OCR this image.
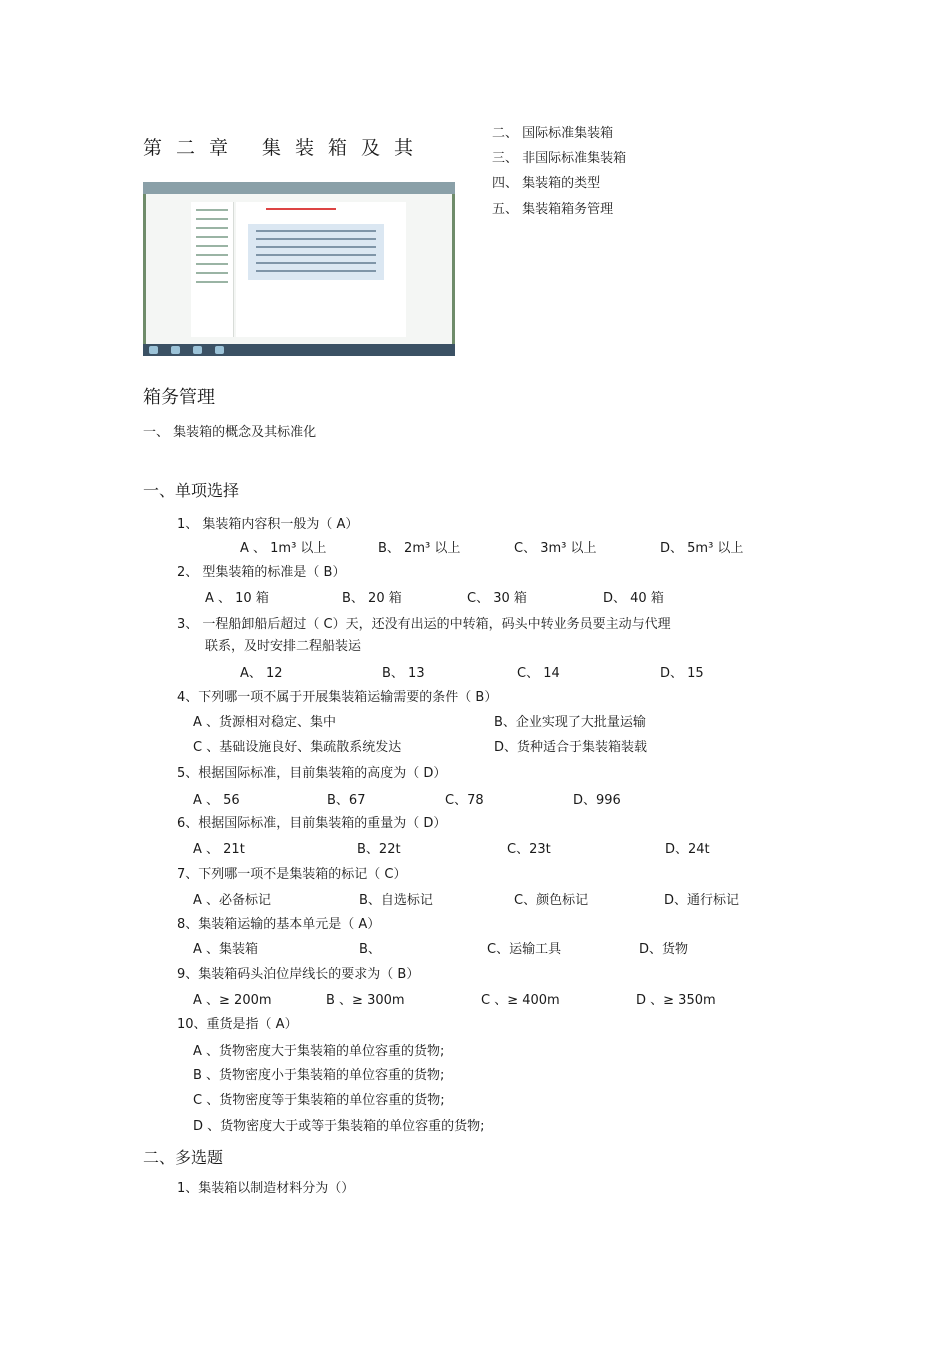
第二章 集装箱及其
二、 国际标准集装箱
三、 非国际标准集装箱
四、 集装箱的类型
五、 集装箱箱务管理
箱务管理
一、 集装箱的概念及其标准化
一、单项选择
1、 集装箱内容积一般为（ A）
A 、 1m³ 以上	B、 2m³ 以上	C、 3m³ 以上	D、 5m³ 以上
2、 型集装箱的标准是（ B）
A 、 10 箱	B、 20 箱	C、 30 箱	D、 40 箱
3、 一程船卸船后超过（ C）天，还没有出运的中转箱，码头中转业务员要主动与代理
联系，及时安排二程船装运
A、 12	B、 13	C、 14	D、 15
4、下列哪一项不属于开展集装箱运输需要的条件（ B）
A 、货源相对稳定、集中	B、企业实现了大批量运输
C 、基础设施良好、集疏散系统发达	D、货种适合于集装箱装载
5、根据国际标准，目前集装箱的高度为（ D）
A 、 56	B、67	C、78	D、996
6、根据国际标准，目前集装箱的重量为（ D）
A 、 21t	B、22t	C、23t	D、24t
7、下列哪一项不是集装箱的标记（ C）
A 、必备标记	B、自选标记	C、颜色标记	D、通行标记
8、集装箱运输的基本单元是（ A）
A 、集装箱	B、	C、运输工具	D、货物
9、集装箱码头泊位岸线长的要求为（ B）
A 、≥ 200m	B 、≥ 300m	C 、≥ 400m	D 、≥ 350m
10、重货是指（ A）
A 、货物密度大于集装箱的单位容重的货物;
B 、货物密度小于集装箱的单位容重的货物;
C 、货物密度等于集装箱的单位容重的货物;
D 、货物密度大于或等于集装箱的单位容重的货物;
二、多选题
1、集装箱以制造材料分为（）
